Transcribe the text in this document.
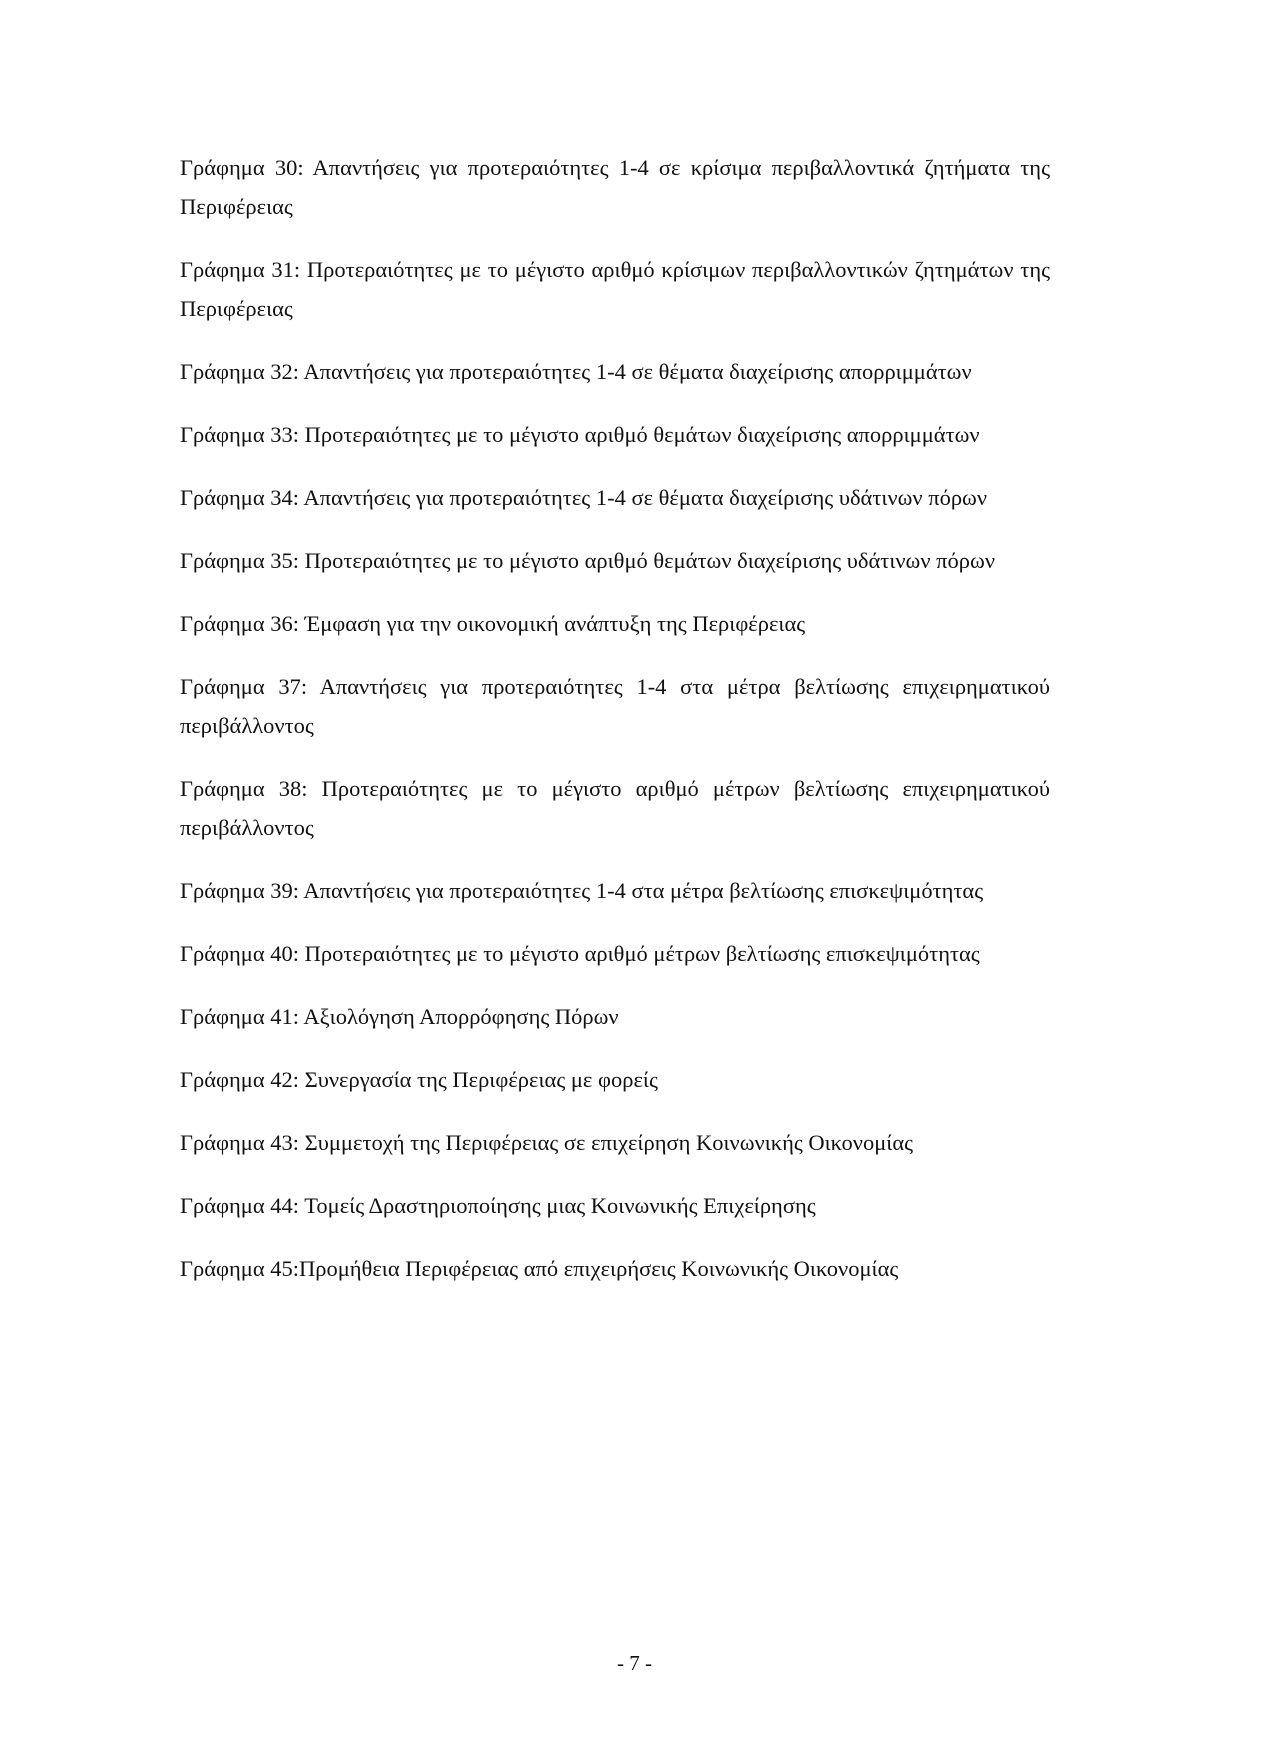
Γράφημα 30: Απαντήσεις για προτεραιότητες 1-4 σε κρίσιμα περιβαλλοντικά ζητήματα της Περιφέρειας

Γράφημα 31: Προτεραιότητες με το μέγιστο αριθμό κρίσιμων περιβαλλοντικών ζητημάτων της Περιφέρειας

Γράφημα 32: Απαντήσεις για προτεραιότητες 1-4 σε θέματα διαχείρισης απορριμμάτων

Γράφημα 33: Προτεραιότητες με το μέγιστο αριθμό θεμάτων διαχείρισης απορριμμάτων

Γράφημα 34: Απαντήσεις για προτεραιότητες 1-4 σε θέματα διαχείρισης υδάτινων πόρων

Γράφημα 35: Προτεραιότητες με το μέγιστο αριθμό θεμάτων διαχείρισης υδάτινων πόρων

Γράφημα 36: Έμφαση για την οικονομική ανάπτυξη της Περιφέρειας

Γράφημα 37: Απαντήσεις για προτεραιότητες 1-4 στα μέτρα βελτίωσης επιχειρηματικού περιβάλλοντος

Γράφημα 38: Προτεραιότητες με το μέγιστο αριθμό μέτρων βελτίωσης επιχειρηματικού περιβάλλοντος

Γράφημα 39: Απαντήσεις για προτεραιότητες 1-4 στα μέτρα βελτίωσης επισκεψιμότητας

Γράφημα 40: Προτεραιότητες με το μέγιστο αριθμό μέτρων βελτίωσης επισκεψιμότητας

Γράφημα 41: Αξιολόγηση Απορρόφησης Πόρων

Γράφημα 42: Συνεργασία της Περιφέρειας με φορείς

Γράφημα 43: Συμμετοχή της Περιφέρειας σε επιχείρηση Κοινωνικής Οικονομίας

Γράφημα 44: Τομείς Δραστηριοποίησης μιας Κοινωνικής Επιχείρησης

Γράφημα 45:Προμήθεια Περιφέρειας από επιχειρήσεις Κοινωνικής Οικονομίας

- 7 -
